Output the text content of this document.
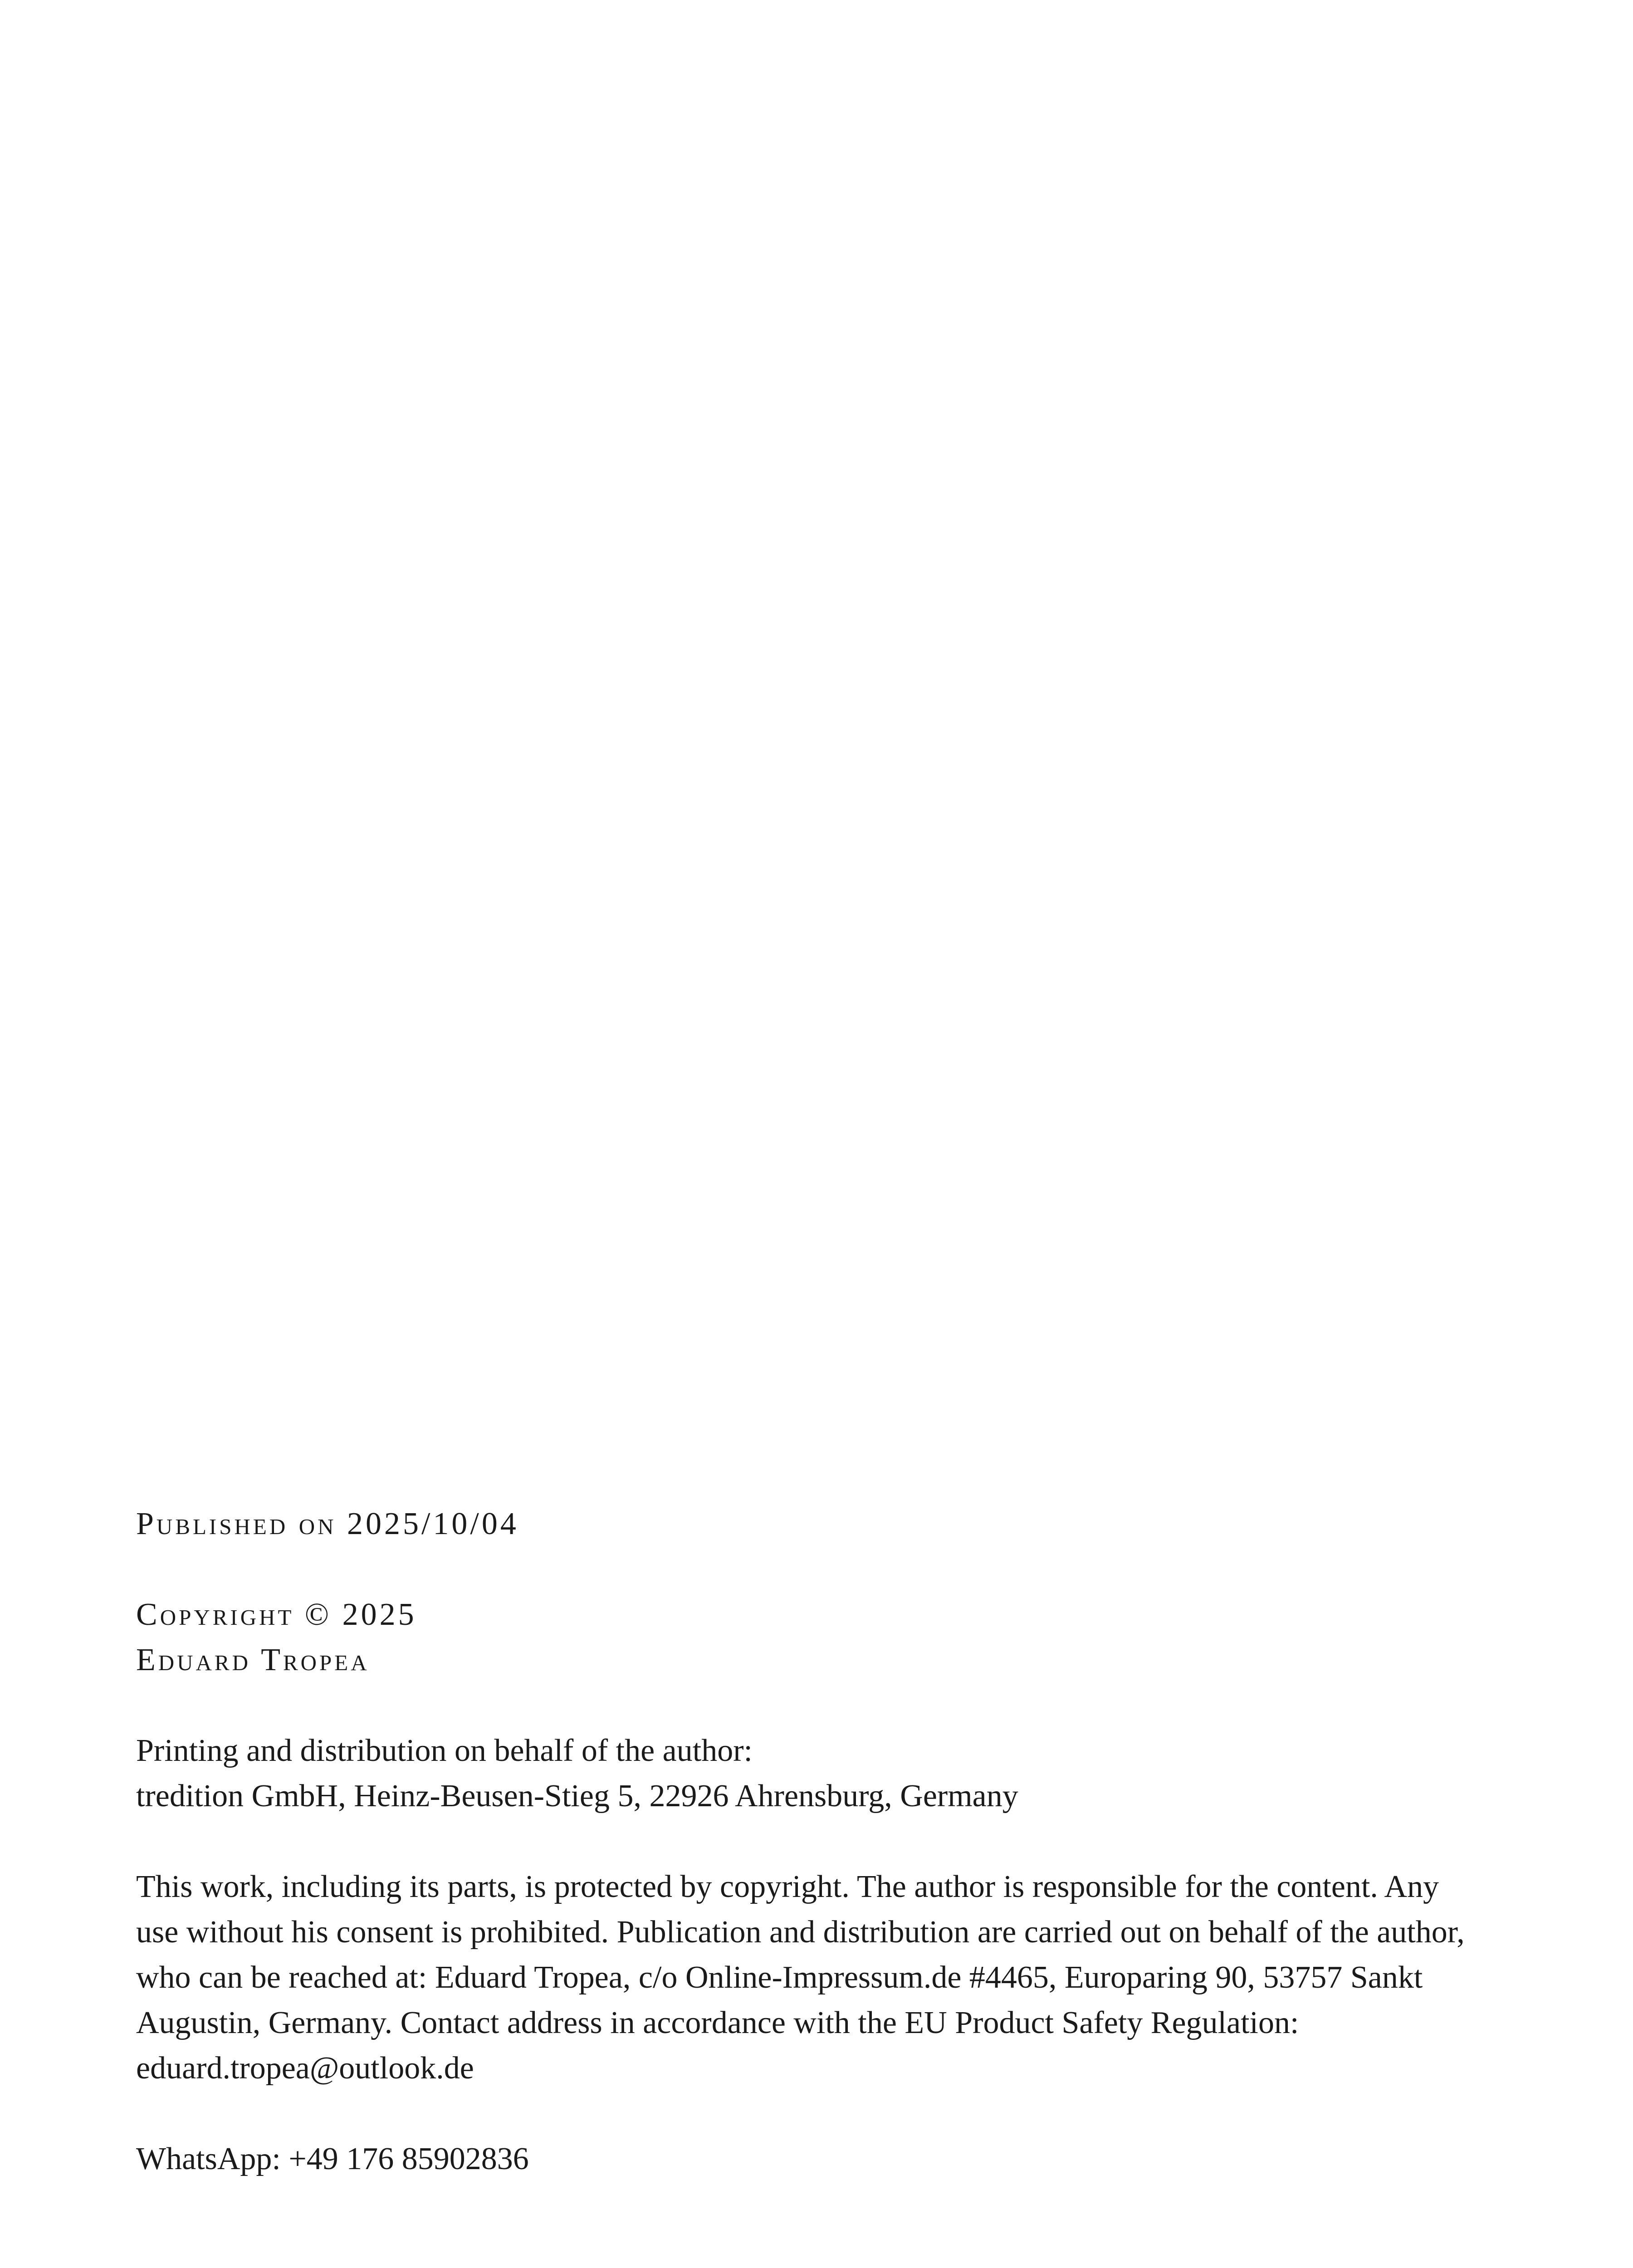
Published on 2025/10/04
Copyright © 2025
Eduard Tropea
Printing and distribution on behalf of the author:
tredition GmbH, Heinz-Beusen-Stieg 5, 22926 Ahrensburg, Germany
This work, including its parts, is protected by copyright. The author is responsible for the content. Any use without his consent is prohibited. Publication and distribution are carried out on behalf of the author, who can be reached at: Eduard Tropea, c/o Online-Impressum.de #4465, Europaring 90, 53757 Sankt Augustin, Germany. Contact address in accordance with the EU Product Safety Regulation: eduard.tropea@outlook.de
WhatsApp: +49 176 85902836
